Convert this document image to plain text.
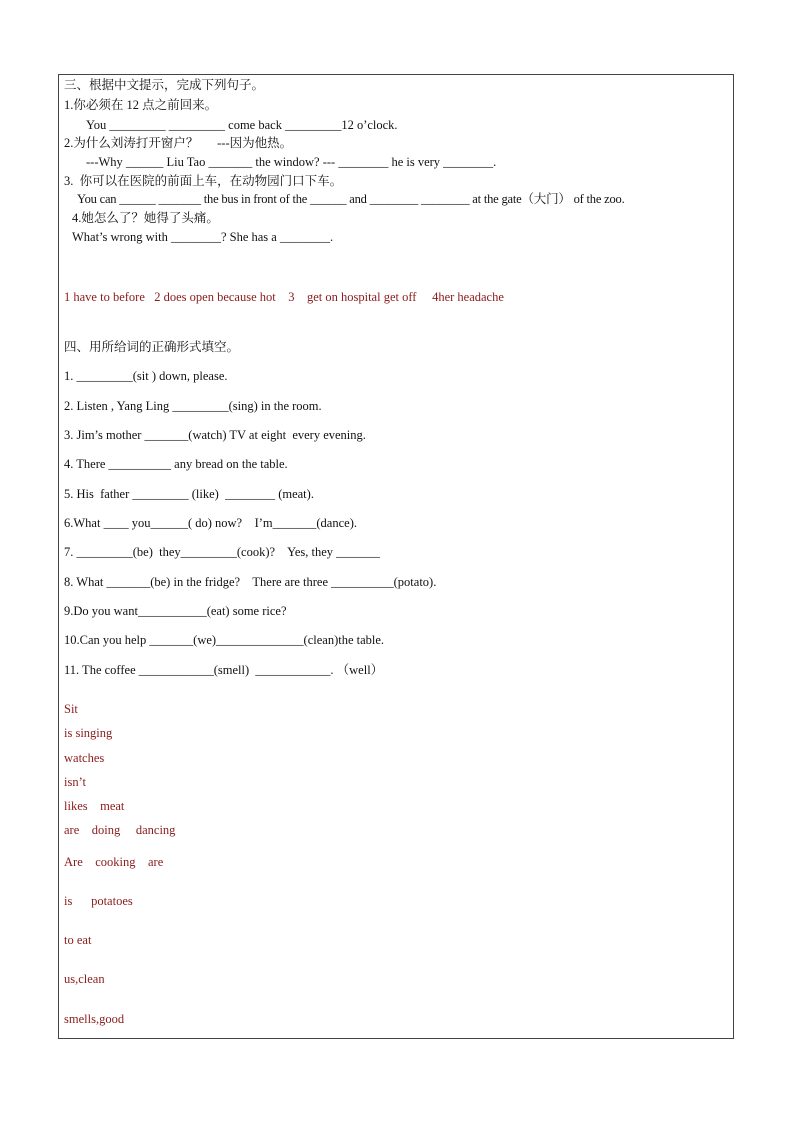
三、根据中文提示，完成下列句子。
1.你必须在 12 点之前回来。
You _________ _________ come back _________12 o’clock.
2.为什么刘涛打开窗户？      ---因为他热。
---Why ______ Liu Tao _______ the window? --- ________ he is very ________.
3.  你可以在医院的前面上车，在动物园门口下车。
You can ______ _______ the bus in front of the ______ and ________ ________ at the gate（大门） of the zoo.
4.她怎么了？她得了头痛。
What’s wrong with ________? She has a ________.
1 have to before   2 does open because hot    3    get on hospital get off     4her headache
四、用所给词的正确形式填空。
1. _________(sit ) down, please.
2. Listen , Yang Ling _________(sing) in the room.
3. Jim’s mother _______(watch) TV at eight  every evening.
4. There __________ any bread on the table.
5. His  father _________ (like)  ________ (meat).
6.What ____ you______( do) now?    I’m_______(dance).
7. _________(be)  they_________(cook)?    Yes, they _______
8. What _______(be) in the fridge?    There are three __________(potato).
9.Do you want___________(eat) some rice?
10.Can you help _______(we)______________(clean)the table.
11. The coffee ____________(smell)  ____________. （well）
Sit
is singing
watches
isn’t
likes    meat
are    doing     dancing
Are    cooking    are
is      potatoes
to eat
us,clean
smells,good
